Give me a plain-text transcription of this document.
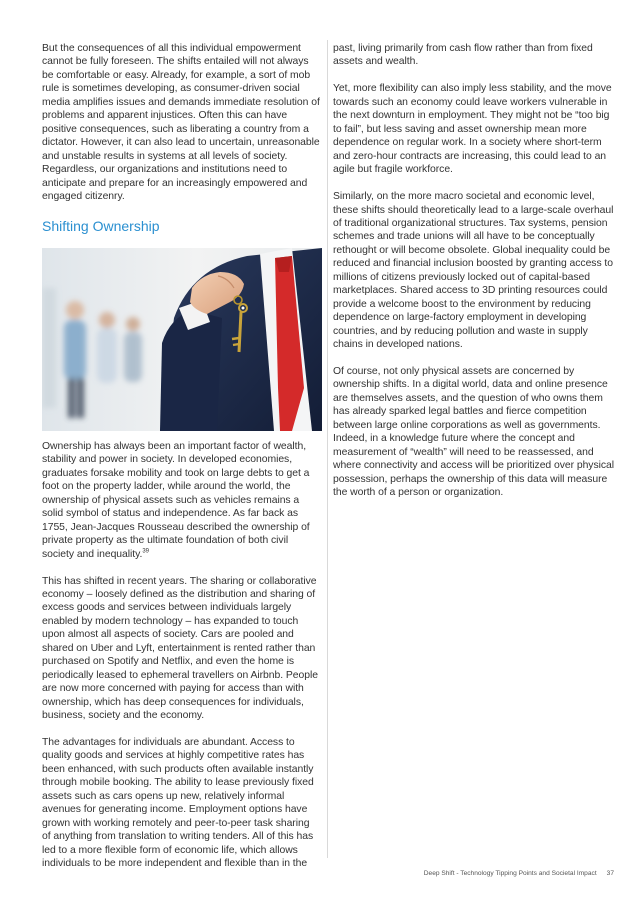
But the consequences of all this individual empowerment cannot be fully foreseen. The shifts entailed will not always be comfortable or easy. Already, for example, a sort of mob rule is sometimes developing, as consumer-driven social media amplifies issues and demands immediate resolution of problems and apparent injustices. Often this can have positive consequences, such as liberating a country from a dictator. However, it can also lead to uncertain, unreasonable and unstable results in systems at all levels of society. Regardless, our organizations and institutions need to anticipate and prepare for an increasingly empowered and engaged citizenry.

Shifting Ownership

Ownership has always been an important factor of wealth, stability and power in society. In developed economies, graduates forsake mobility and took on large debts to get a foot on the property ladder, while around the world, the ownership of physical assets such as vehicles remains a solid symbol of status and independence. As far back as 1755, Jean-Jacques Rousseau described the ownership of private property as the ultimate foundation of both civil society and inequality.$^{39}$

This has shifted in recent years. The sharing or collaborative economy – loosely defined as the distribution and sharing of excess goods and services between individuals largely enabled by modern technology – has expanded to touch upon almost all aspects of society. Cars are pooled and shared on Uber and Lyft, entertainment is rented rather than purchased on Spotify and Netflix, and even the home is periodically leased to ephemeral travellers on Airbnb. People are now more concerned with paying for access than with ownership, which has deep consequences for individuals, business, society and the economy.

The advantages for individuals are abundant. Access to quality goods and services at highly competitive rates has been enhanced, with such products often available instantly through mobile booking. The ability to lease previously fixed assets such as cars opens up new, relatively informal avenues for generating income. Employment options have grown with working remotely and peer-to-peer task sharing of anything from translation to writing tenders. All of this has led to a more flexible form of economic life, which allows individuals to be more independent and flexible than in the

past, living primarily from cash flow rather than from fixed assets and wealth.

Yet, more flexibility can also imply less stability, and the move towards such an economy could leave workers vulnerable in the next downturn in employment. They might not be “too big to fail”, but less saving and asset ownership mean more dependence on regular work. In a society where short-term and zero-hour contracts are increasing, this could lead to an agile but fragile workforce.

Similarly, on the more macro societal and economic level, these shifts should theoretically lead to a large-scale overhaul of traditional organizational structures. Tax systems, pension schemes and trade unions will all have to be conceptually rethought or will become obsolete. Global inequality could be reduced and financial inclusion boosted by granting access to millions of citizens previously locked out of capital-based marketplaces. Shared access to 3D printing resources could provide a welcome boost to the environment by reducing dependence on large-factory employment in developing countries, and by reducing pollution and waste in supply chains in developed nations.

Of course, not only physical assets are concerned by ownership shifts. In a digital world, data and online presence are themselves assets, and the question of who owns them has already sparked legal battles and fierce competition between large online corporations as well as governments. Indeed, in a knowledge future where the concept and measurement of “wealth” will need to be reassessed, and where connectivity and access will be prioritized over physical possession, perhaps the ownership of this data will measure the worth of a person or organization.

Deep Shift - Technology Tipping Points and Societal Impact 37
